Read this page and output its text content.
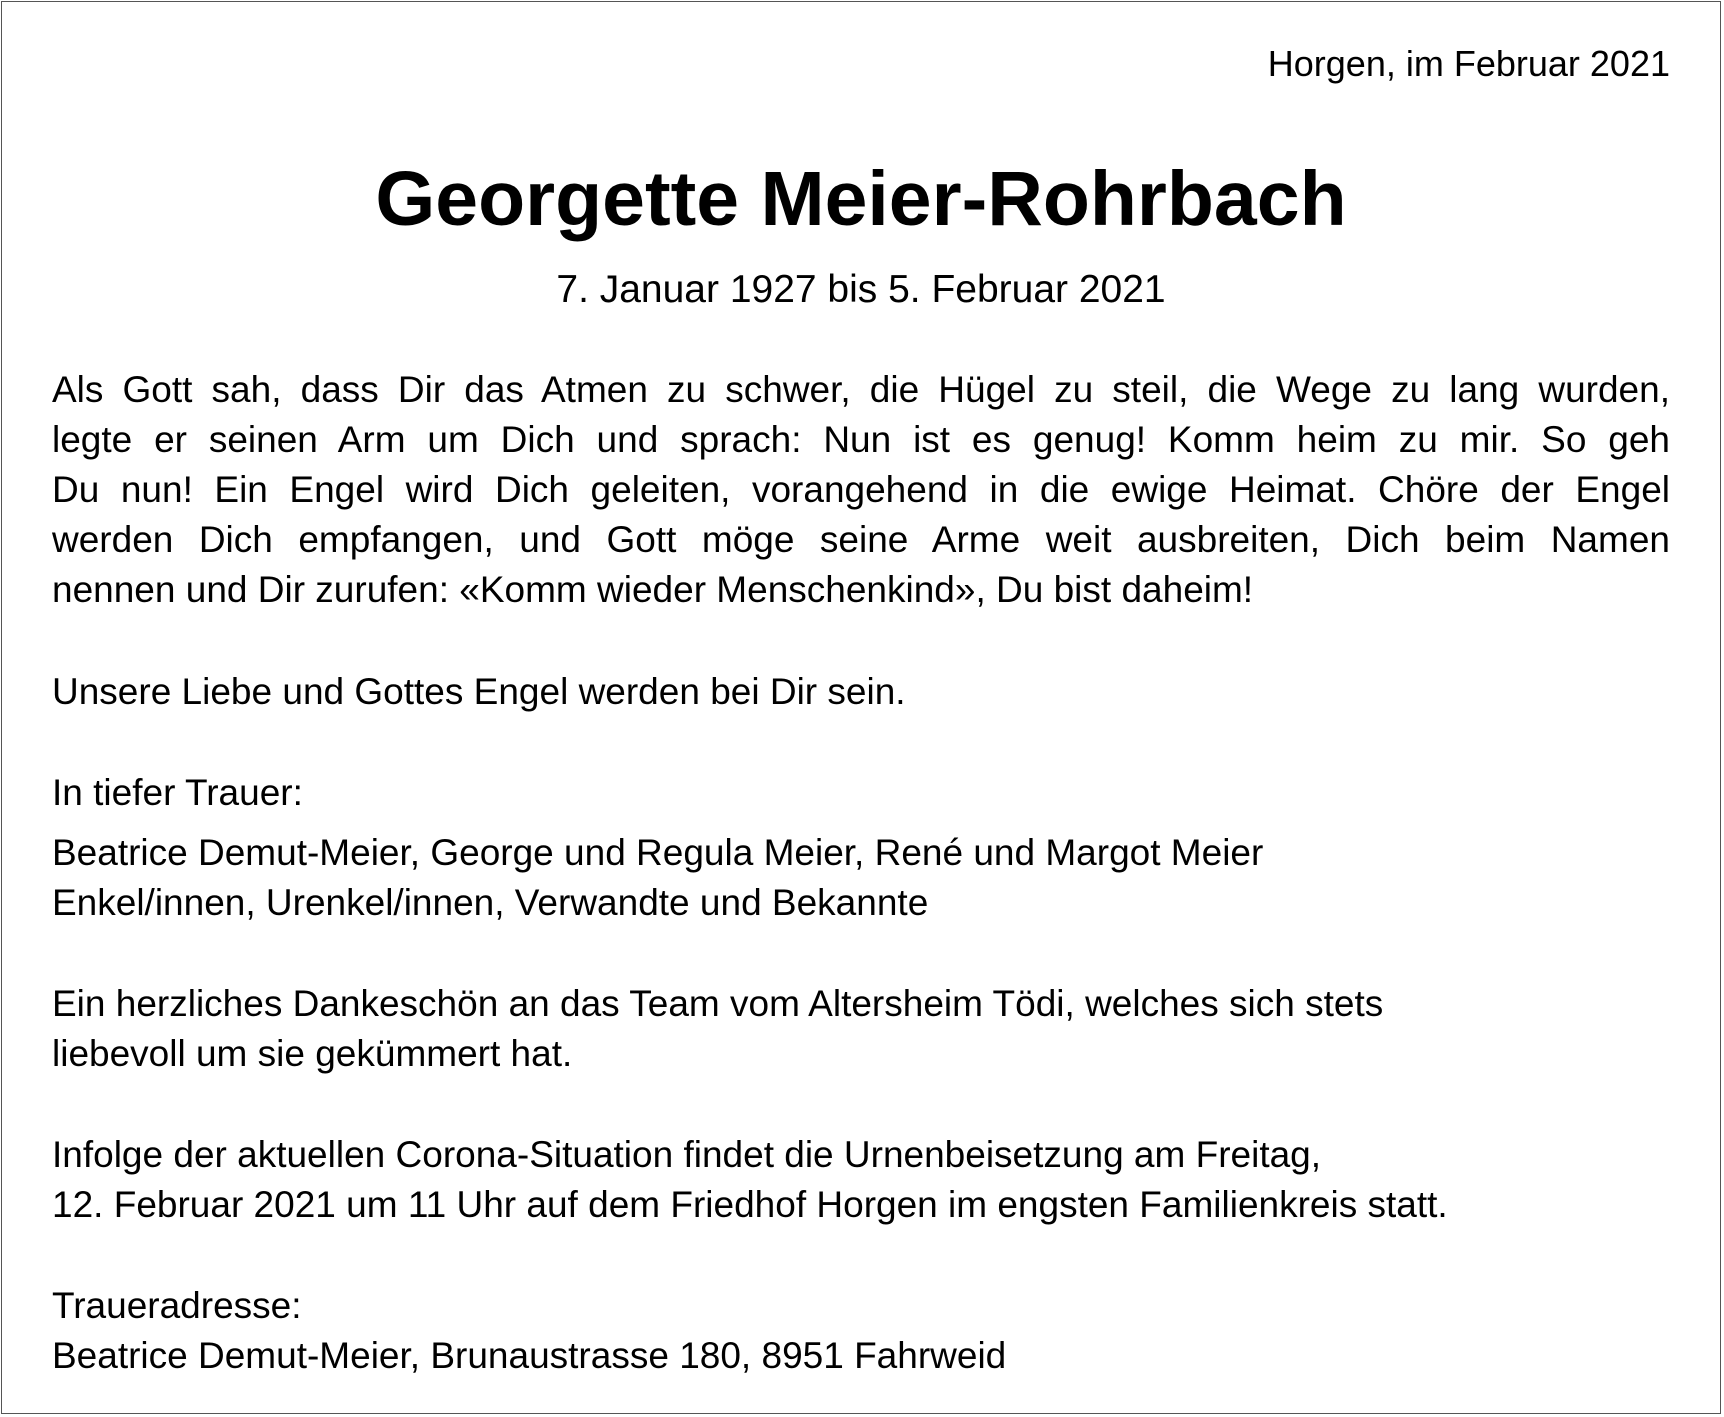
Horgen, im Februar 2021
Georgette Meier-Rohrbach
7. Januar 1927 bis 5. Februar 2021
Als Gott sah, dass Dir das Atmen zu schwer, die Hügel zu steil, die Wege zu lang wurden,
legte er seinen Arm um Dich und sprach: Nun ist es genug! Komm heim zu mir. So geh
Du nun! Ein Engel wird Dich geleiten, vorangehend in die ewige Heimat. Chöre der Engel
werden Dich empfangen, und Gott möge seine Arme weit ausbreiten, Dich beim Namen
nennen und Dir zurufen: «Komm wieder Menschenkind», Du bist daheim!
Unsere Liebe und Gottes Engel werden bei Dir sein.
In tiefer Trauer:
Beatrice Demut-Meier, George und Regula Meier, René und Margot Meier
Enkel/innen, Urenkel/innen, Verwandte und Bekannte
Ein herzliches Dankeschön an das Team vom Altersheim Tödi, welches sich stets
liebevoll um sie gekümmert hat.
Infolge der aktuellen Corona-Situation findet die Urnenbeisetzung am Freitag,
12. Februar 2021 um 11 Uhr auf dem Friedhof Horgen im engsten Familienkreis statt.
Traueradresse:
Beatrice Demut-Meier, Brunaustrasse 180, 8951 Fahrweid
